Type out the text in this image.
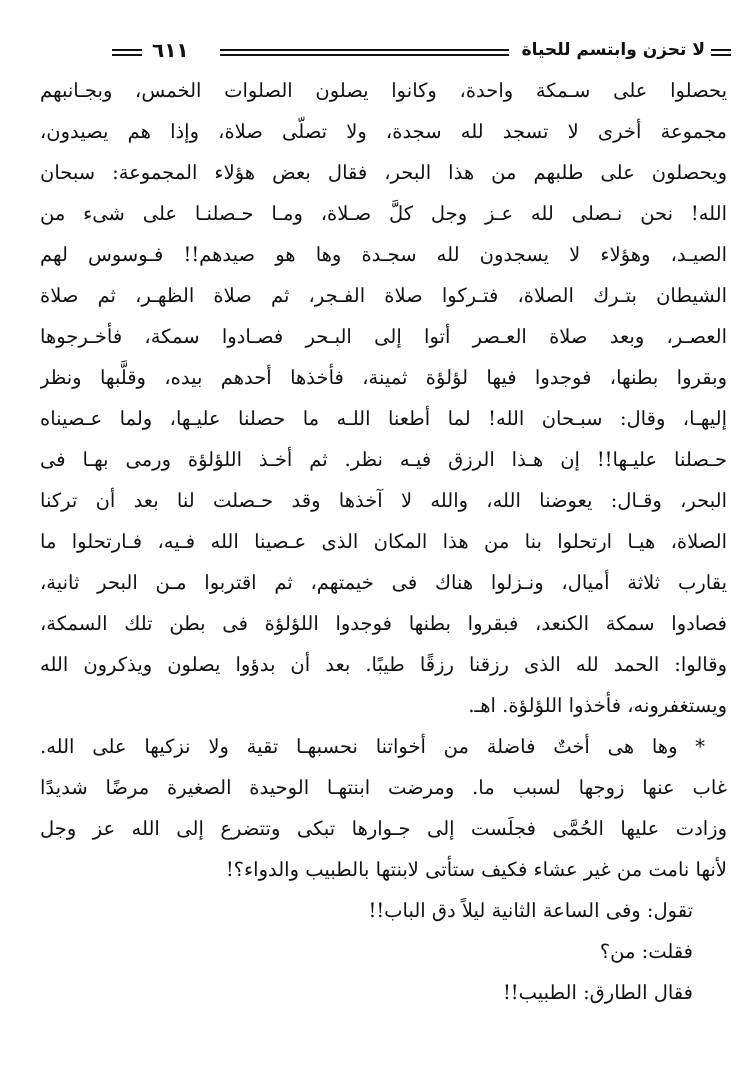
لا تحزن وابتسم للحياة
٦١١
يحصلوا على سـمكة واحدة، وكانوا يصلون الصلوات الخمس، وبجـانبهم
مجموعة أخرى لا تسجد لله سجدة، ولا تصلّى صلاة، وإذا هم يصيدون،
ويحصلون على طلبهم من هذا البحر، فقال بعض هؤلاء المجموعة: سبحان
الله! نحن نـصلى لله عـز وجل كلَّ صـلاة، ومـا حـصلنـا على شىء من
الصيـد، وهؤلاء لا يسجدون لله سجـدة وها هو صيدهم!! فـوسوس لهم
الشيطان بتـرك الصلاة، فتـركوا صلاة الفـجر، ثم صلاة الظهـر، ثم صلاة
العصـر، وبعد صلاة العـصر أتوا إلى البـحر فصـادوا سمكة، فأخـرجوها
وبقروا بطنها، فوجدوا فيها لؤلؤة ثمينة، فأخذها أحدهم بيده، وقلَّبها ونظر
إليهـا، وقال: سبـحان الله! لما أطعنا اللـه ما حصلنا عليـها، ولما عـصيناه
حـصلنا عليـها!! إن هـذا الرزق فيـه نظر. ثم أخـذ اللؤلؤة ورمى بهـا فى
البحر، وقـال: يعوضنا الله، والله لا آخذها وقد حـصلت لنا بعد أن تركنا
الصلاة، هيـا ارتحلوا بنا من هذا المكان الذى عـصينا الله فـيه، فـارتحلوا ما
يقارب ثلاثة أميال، ونـزلوا هناك فى خيمتهم، ثم اقتربوا مـن البحر ثانية،
فصادوا سمكة الكنعد، فبقروا بطنها فوجدوا اللؤلؤة فى بطن تلك السمكة،
وقالوا: الحمد لله الذى رزقنا رزقًا طيبًا. بعد أن بدؤوا يصلون ويذكرون الله
ويستغفرونه، فأخذوا اللؤلؤة. اهـ.
* وها هى أختٌ فاضلة من أخواتنا نحسبهـا تقية ولا نزكيها على الله.
غاب عنها زوجها لسبب ما. ومرضت ابنتهـا الوحيدة الصغيرة مرضًا شديدًا
وزادت عليها الحُمَّى فجلَست إلى جـوارها تبكى وتتضرع إلى الله عز وجل
لأنها نامت من غير عشاء فكيف ستأتى لابنتها بالطبيب والدواء؟!
تقول: وفى الساعة الثانية ليلاً دق الباب!!
فقلت: من؟
فقال الطارق: الطبيب!!
